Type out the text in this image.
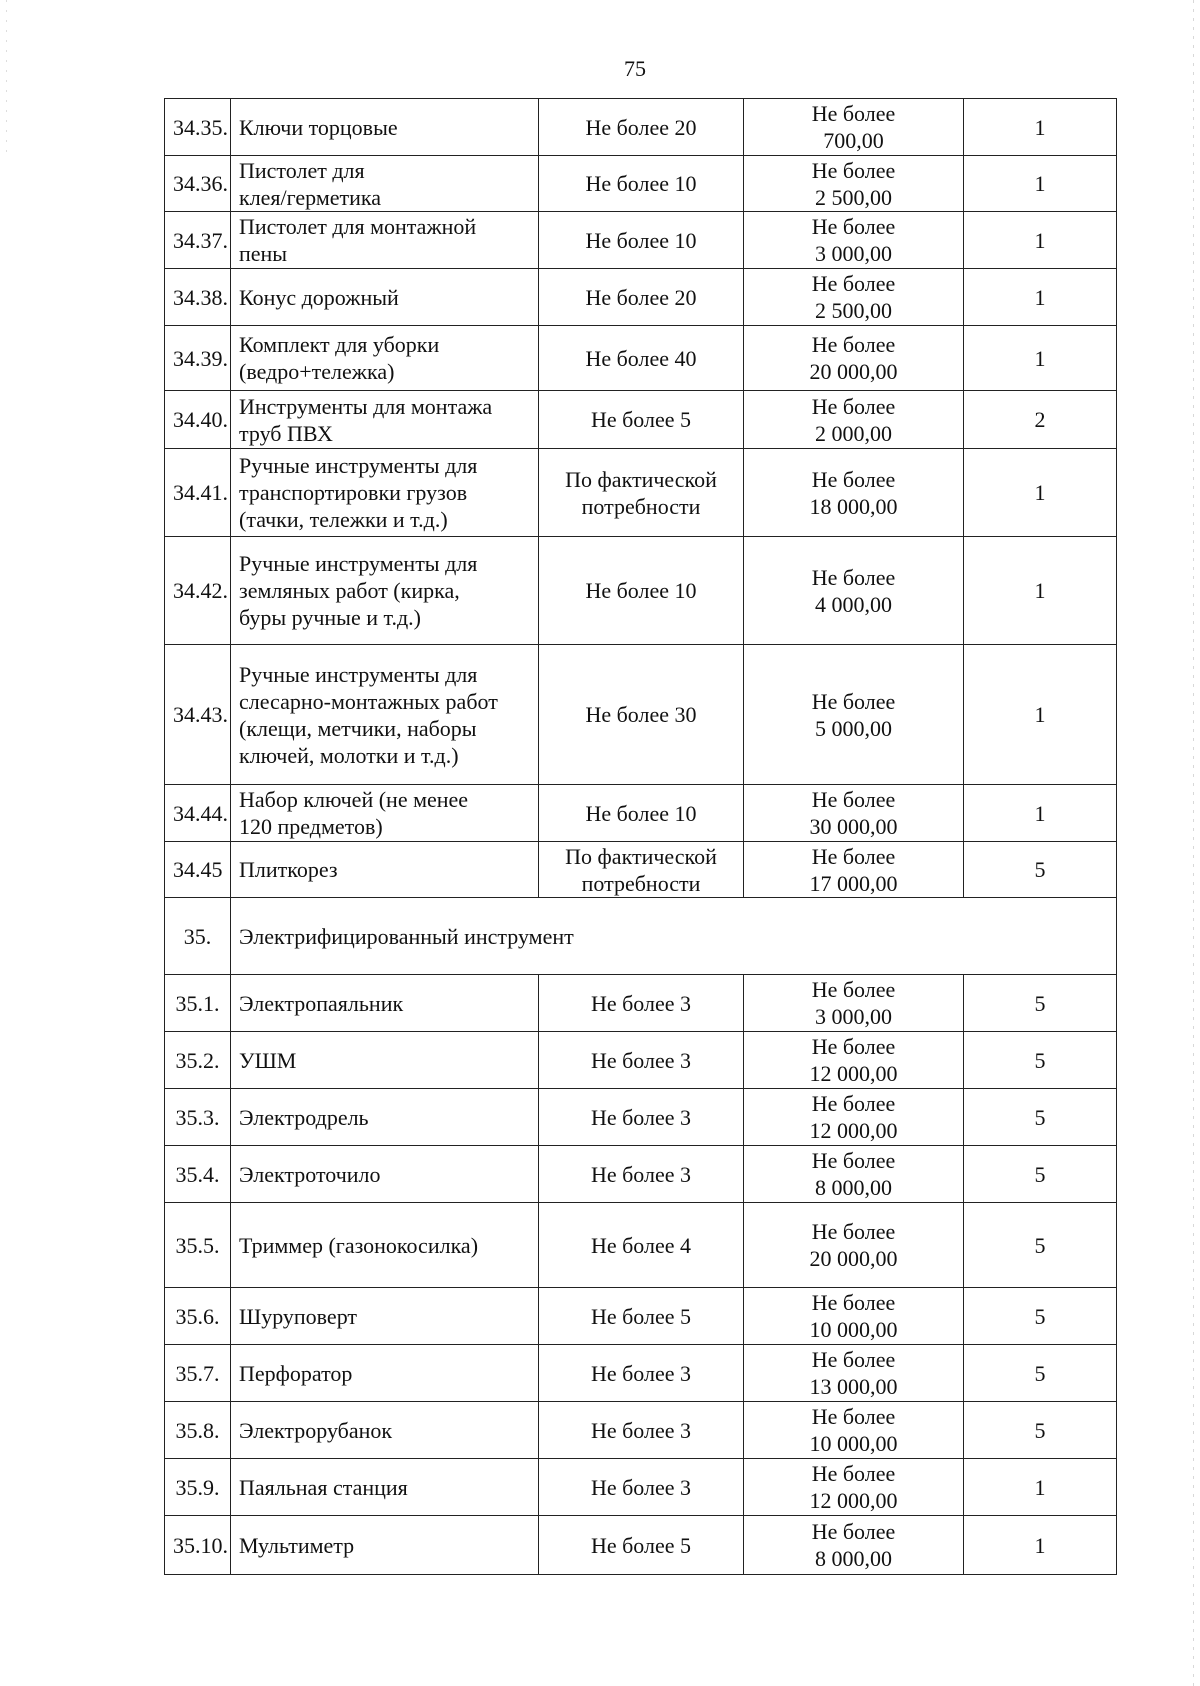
75
34.35.	Ключи торцовые	Не более 20	Не более
700,00	1
34.36.	Пистолет для
клея/герметика	Не более 10	Не более
2 500,00	1
34.37.	Пистолет для монтажной
пены	Не более 10	Не более
3 000,00	1
34.38.	Конус дорожный	Не более 20	Не более
2 500,00	1
34.39.	Комплект для уборки
(ведро+тележка)	Не более 40	Не более
20 000,00	1
34.40.	Инструменты для монтажа
труб ПВХ	Не более 5	Не более
2 000,00	2
34.41.	Ручные инструменты для
транспортировки грузов
(тачки, тележки и т.д.)	По фактической
потребности	Не более
18 000,00	1
34.42.	Ручные инструменты для
земляных работ (кирка,
буры ручные и т.д.)	Не более 10	Не более
4 000,00	1
34.43.	Ручные инструменты для
слесарно-монтажных работ
(клещи, метчики, наборы
ключей, молотки и т.д.)	Не более 30	Не более
5 000,00	1
34.44.	Набор ключей (не менее
120 предметов)	Не более 10	Не более
30 000,00	1
34.45	Плиткорез	По фактической
потребности	Не более
17 000,00	5
35.	Электрифицированный инструмент			
35.1.	Электропаяльник	Не более 3	Не более
3 000,00	5
35.2.	УШМ	Не более 3	Не более
12 000,00	5
35.3.	Электродрель	Не более 3	Не более
12 000,00	5
35.4.	Электроточило	Не более 3	Не более
8 000,00	5
35.5.	Триммер (газонокосилка)	Не более 4	Не более
20 000,00	5
35.6.	Шуруповерт	Не более 5	Не более
10 000,00	5
35.7.	Перфоратор	Не более 3	Не более
13 000,00	5
35.8.	Электрорубанок	Не более 3	Не более
10 000,00	5
35.9.	Паяльная станция	Не более 3	Не более
12 000,00	1
35.10.	Мультиметр	Не более 5	Не более
8 000,00	1
